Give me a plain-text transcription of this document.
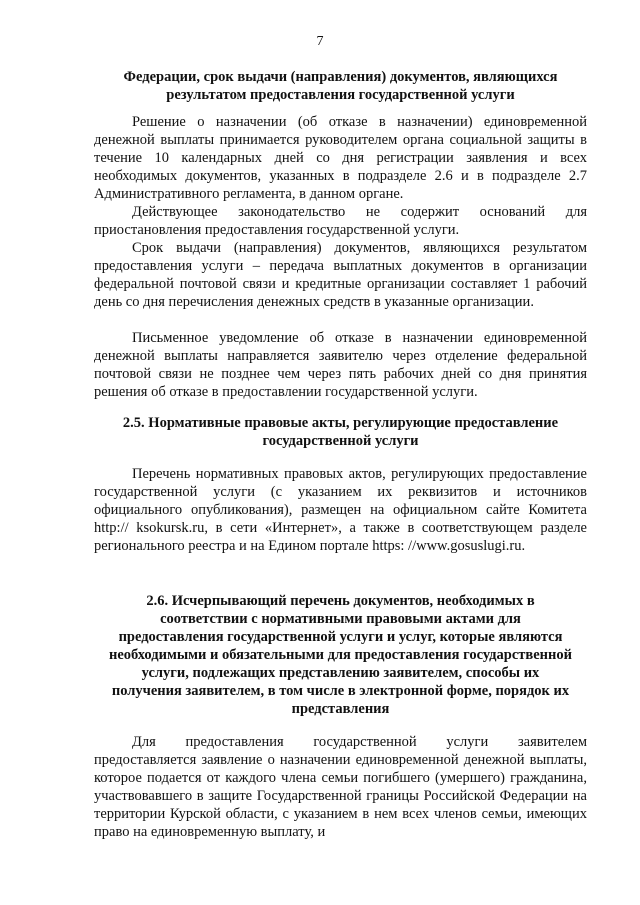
7
Федерации, срок выдачи (направления) документов, являющихся
результатом предоставления государственной услуги

Решение о назначении (об отказе в назначении) единовременной денежной выплаты принимается руководителем органа социальной защиты в течение 10 календарных дней со дня регистрации заявления и всех необходимых документов, указанных в подразделе 2.6 и в подразделе 2.7 Административного регламента, в данном органе.

Действующее законодательство не содержит оснований для приостановления предоставления государственной услуги.

Срок выдачи (направления) документов, являющихся результатом предоставления услуги – передача выплатных документов в организации федеральной почтовой связи и кредитные организации составляет 1 рабочий день со дня перечисления денежных средств в указанные организации.

Письменное уведомление об отказе в назначении единовременной денежной выплаты направляется заявителю через отделение федеральной почтовой связи не позднее чем через пять рабочих дней со дня принятия решения об отказе в предоставлении государственной услуги.

2.5. Нормативные правовые акты, регулирующие предоставление
государственной услуги

Перечень нормативных правовых актов, регулирующих предоставление государственной услуги (с указанием их реквизитов и источников официального опубликования), размещен на официальном сайте Комитета http:// ksokursk.ru, в сети «Интернет», а также в соответствующем разделе регионального реестра и на Едином портале https: //www.gosuslugi.ru.

2.6. Исчерпывающий перечень документов, необходимых в
соответствии с нормативными правовыми актами для
предоставления государственной услуги и услуг, которые являются
необходимыми и обязательными для предоставления государственной
услуги, подлежащих представлению заявителем, способы их
получения заявителем, в том числе в электронной форме, порядок их
представления

Для предоставления государственной услуги заявителем предоставляется заявление о назначении единовременной денежной выплаты, которое подается от каждого члена семьи погибшего (умершего) гражданина, участвовавшего в защите Государственной границы Российской Федерации на территории Курской области, с указанием в нем всех членов семьи, имеющих право на единовременную выплату, и
